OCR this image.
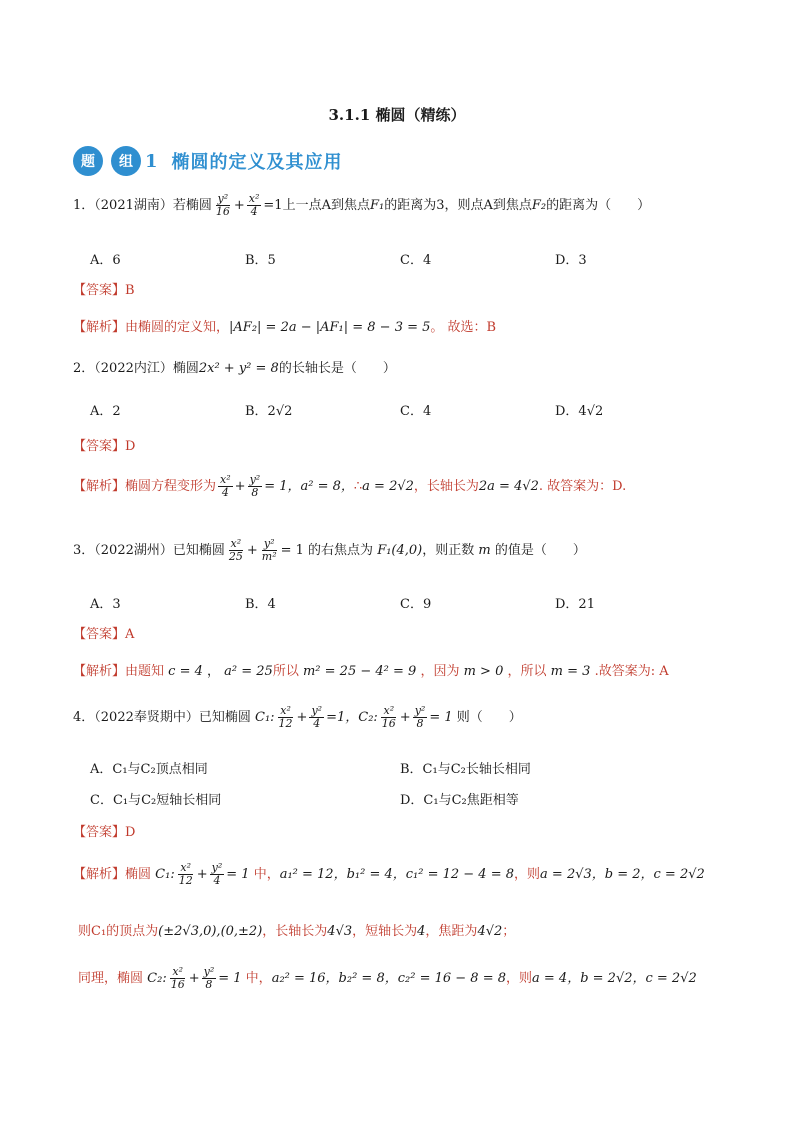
3.1.1 椭圆（精练）
题	组 1 椭圆的定义及其应用
1．（2021湖南）若椭圆 $\frac{\text{y²}}{16} + \frac{\text{x²}}{4} =1$上一点A到焦点F₁的距离为3，则点A到焦点F₂的距离为（　　）
A．6	B．5	C．4	D．3
【答案】B
【解析】由椭圆的定义知，|AF₂| = 2a − |AF₁| = 8 − 3 = 5。 故选：B
2．（2022内江）椭圆2x² + y² = 8的长轴长是（　　）
A．2	B．2√2	C．4	D．4√2
【答案】D
【解析】椭圆方程变形为 $\frac{\text{x²}}{4} + \frac{\text{y²}}{8} = 1$，a² = 8，∴a = 2√2，长轴长为2a = 4√2. 故答案为：D.
3．（2022湖州）已知椭圆 $\frac{\text{x²}}{25} + \frac{\text{y²}}{\text{m²}} = 1$ 的右焦点为 F₁(4,0)，则正数 m 的值是（　　）
A．3	B．4	C．9	D．21
【答案】A
【解析】由题知 c = 4 ， a² = 25所以 m² = 25 − 4² = 9 ，因为 m > 0 ，所以 m = 3 .故答案为: A
4．（2022奉贤期中）已知椭圆 C₁: $\frac{\text{x²}}{12} + \frac{\text{y²}}{4} =1$，C₂: $\frac{\text{x²}}{16} + \frac{\text{y²}}{8} = 1$ 则（　　）
A．C₁与C₂顶点相同	B．C₁与C₂长轴长相同
C．C₁与C₂短轴长相同	D．C₁与C₂焦距相等
【答案】D
【解析】椭圆 C₁: $\frac{\text{x²}}{12} + \frac{\text{y²}}{4} = 1$ 中，a₁² = 12，b₁² = 4，c₁² = 12 − 4 = 8，则a = 2√3，b = 2，c = 2√2
则C₁的顶点为(±2√3,0),(0,±2)，长轴长为4√3，短轴长为4，焦距为4√2；
同理，椭圆 C₂: $\frac{\text{x²}}{16} + \frac{\text{y²}}{8} = 1$ 中，a₂² = 16，b₂² = 8，c₂² = 16 − 8 = 8，则a = 4，b = 2√2，c = 2√2
